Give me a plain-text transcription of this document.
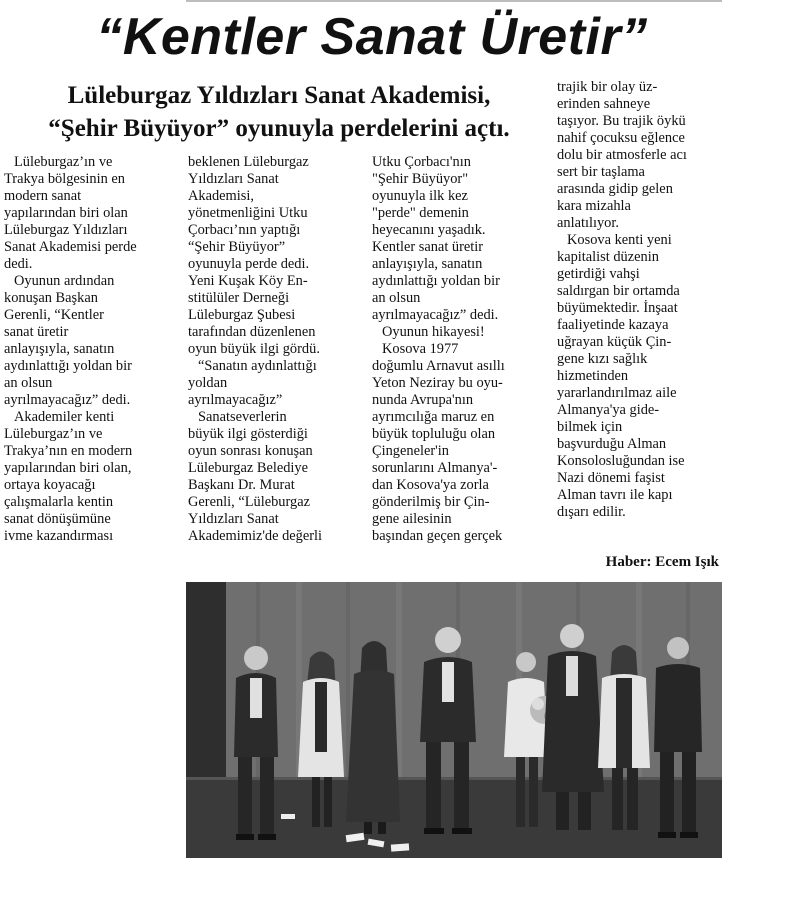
“Kentler Sanat Üretir”
Lüleburgaz Yıldızları Sanat Akademisi,
“Şehir Büyüyor” oyunuyla perdelerini açtı.
Lüleburgaz’ın ve
Trakya bölgesinin en
modern sanat
yapılarından biri olan
Lüleburgaz Yıldızları
Sanat Akademisi perde
dedi.
Oyunun ardından
konuşan Başkan
Gerenli, “Kentler
sanat üretir
anlayışıyla, sanatın
aydınlattığı yoldan bir
an olsun
ayrılmayacağız” dedi.
Akademiler kenti
Lüleburgaz’ın ve
Trakya’nın en modern
yapılarından biri olan,
ortaya koyacağı
çalışmalarla kentin
sanat dönüşümüne
ivme kazandırması
beklenen Lüleburgaz
Yıldızları Sanat
Akademisi,
yönetmenliğini Utku
Çorbacı’nın yaptığı
“Şehir Büyüyor”
oyunuyla perde dedi.
Yeni Kuşak Köy En-
stitülüler Derneği
Lüleburgaz Şubesi
tarafından düzenlenen
oyun büyük ilgi gördü.
“Sanatın aydınlattığı
yoldan
ayrılmayacağız”
Sanatseverlerin
büyük ilgi gösterdiği
oyun sonrası konuşan
Lüleburgaz Belediye
Başkanı Dr. Murat
Gerenli, “Lüleburgaz
Yıldızları Sanat
Akademimiz'de değerli
Utku Çorbacı'nın
"Şehir Büyüyor"
oyunuyla ilk kez
"perde" demenin
heyecanını yaşadık.
Kentler sanat üretir
anlayışıyla, sanatın
aydınlattığı yoldan bir
an olsun
ayrılmayacağız” dedi.
Oyunun hikayesi!
Kosova 1977
doğumlu Arnavut asıllı
Yeton Neziray bu oyu-
nunda Avrupa'nın
ayrımcılığa maruz en
büyük topluluğu olan
Çingeneler'in
sorunlarını Almanya'-
dan Kosova'ya zorla
gönderilmiş bir Çin-
gene ailesinin
başından geçen gerçek
trajik bir olay üz-
erinden sahneye
taşıyor. Bu trajik öykü
nahif çocuksu eğlence
dolu bir atmosferle acı
sert bir taşlama
arasında gidip gelen
kara mizahla
anlatılıyor.
Kosova kenti yeni
kapitalist düzenin
getirdiği vahşi
saldırgan bir ortamda
büyümektedir. İnşaat
faaliyetinde kazaya
uğrayan küçük Çin-
gene kızı sağlık
hizmetinden
yararlandırılmaz aile
Almanya'ya gide-
bilmek için
başvurduğu Alman
Konsolosluğundan ise
Nazi dönemi faşist
Alman tavrı ile kapı
dışarı edilir.
Haber: Ecem Işık
